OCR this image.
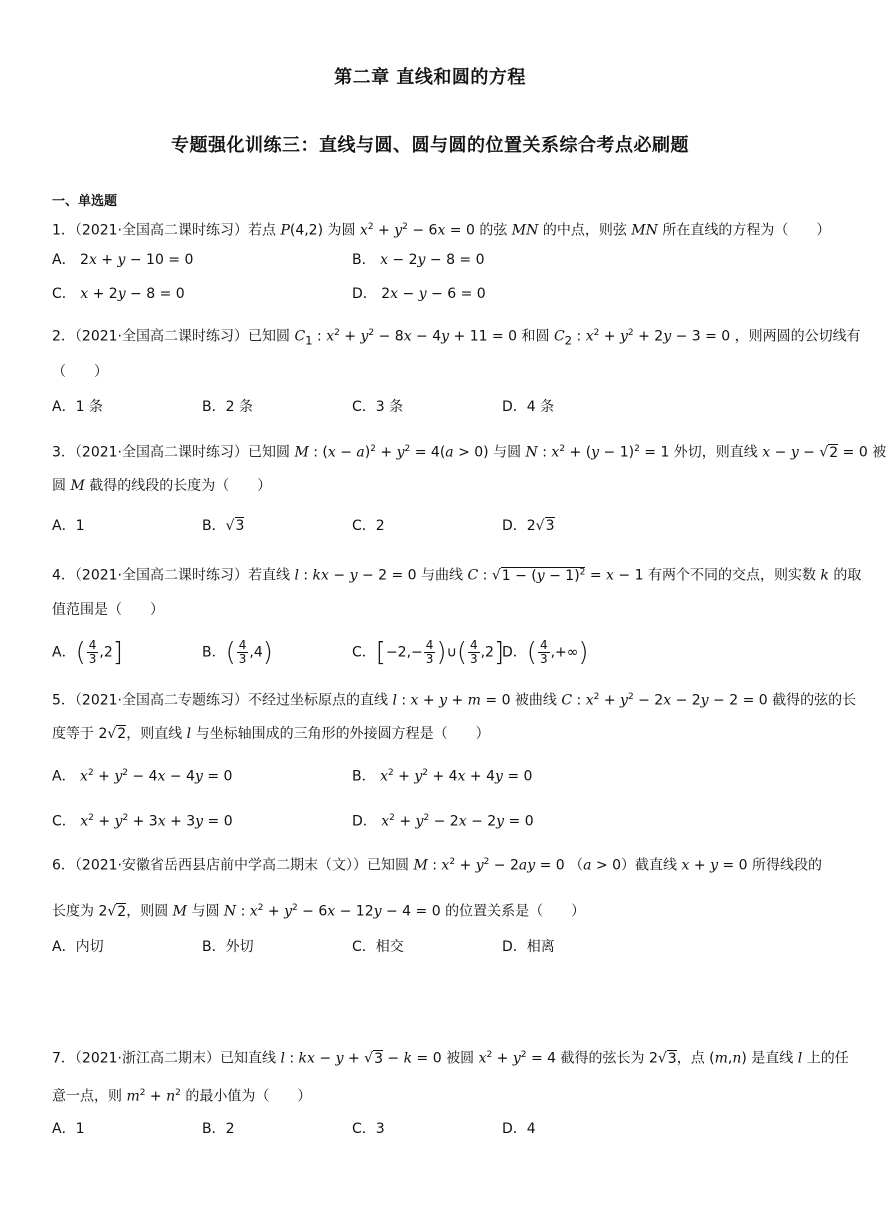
第二章 直线和圆的方程
专题强化训练三：直线与圆、圆与圆的位置关系综合考点必刷题
一、单选题
1．（2021·全国高二课时练习）若点 P(4,2) 为圆 $x^2 + y^2 - 6x = 0$ 的弦 MN 的中点，则弦 MN 所在直线的方程为（　　）
A． 2x + y − 10 = 0	B． x − 2y − 8 = 0
C． x + 2y − 8 = 0	D． 2x − y − 6 = 0
2．（2021·全国高二课时练习）已知圆 $C_1$ : $x^2 + y^2 - 8x - 4y + 11 = 0$ 和圆 $C_2$ : $x^2 + y^2 + 2y - 3 = 0$ ，则两圆的公切线有
（　　）
A．1 条	B．2 条	C．3 条	D．4 条
3．（2021·全国高二课时练习）已知圆 M : $(x - a)^2 + y^2 = 4(a > 0)$ 与圆 N : $x^2 + (y - 1)^2 = 1$ 外切，则直线 x − y − √2 = 0 被
圆 M 截得的线段的长度为（　　）
A．1	B．√3	C．2	D．2√3
4．（2021·全国高二课时练习）若直线 l : kx − y − 2 = 0 与曲线 C : $√1 - (y - 1)^2 = x - 1$ 有两个不同的交点，则实数 k 的取
值范围是（　　）
A．( $\frac{4}{3} ,2$]	B．( $\frac{4}{3} ,4$)	C．[$-2,- \frac{4}{3}$ )∪( $\frac{4}{3} ,2$]
D．( $\frac{4}{3}$ ,+∞)
5．（2021·全国高二专题练习）不经过坐标原点的直线 l : x + y + m = 0 被曲线 C : $x^2 + y^2 - 2x - 2y - 2 = 0$ 截得的弦的长
度等于 2√2，则直线 l 与坐标轴围成的三角形的外接圆方程是（　　）
A． $x^2 + y^2 - 4x - 4y = 0$	B． $x^2 + y^2 + 4x + 4y = 0$
C． $x^2 + y^2 + 3x + 3y = 0$	D． $x^2 + y^2 - 2x - 2y = 0$
6．（2021·安徽省岳西县店前中学高二期末（文））已知圆 M : $x^2 + y^2 - 2ay = 0$ （a > 0）截直线 x + y = 0 所得线段的
长度为 2√2，则圆 M 与圆 N : $x^2 + y^2 - 6x - 12y - 4 = 0$ 的位置关系是（　　）
A．内切	B．外切	C．相交	D．相离
7．（2021·浙江高二期末）已知直线 l : kx − y + √3 − k = 0 被圆 $x^2 + y^2 = 4$ 截得的弦长为 2√3，点 (m,n) 是直线 l 上的任
意一点，则 $m^2 + n^2$ 的最小值为（　　）
A．1	B．2	C．3	D．4
